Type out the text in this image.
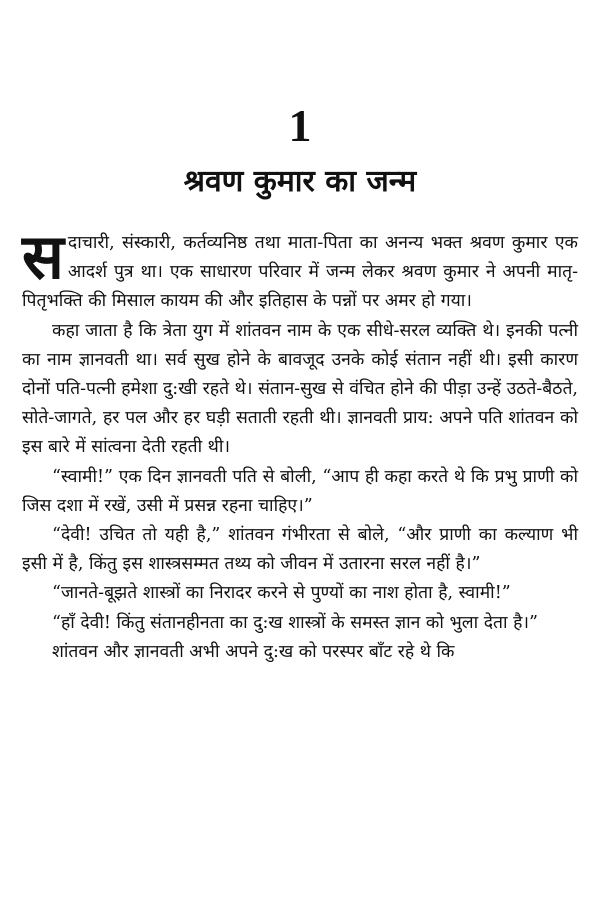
1
श्रवण कुमार का जन्म

सदाचारी, संस्कारी, कर्तव्यनिष्ठ तथा माता-पिता का अनन्य भक्त श्रवण कुमार एक आदर्श पुत्र था। एक साधारण परिवार में जन्म लेकर श्रवण कुमार ने अपनी मातृ-पितृभक्ति की मिसाल कायम की और इतिहास के पन्नों पर अमर हो गया।

कहा जाता है कि त्रेता युग में शांतवन नाम के एक सीधे-सरल व्यक्ति थे। इनकी पत्नी का नाम ज्ञानवती था। सर्व सुख होने के बावजूद उनके कोई संतान नहीं थी। इसी कारण दोनों पति-पत्नी हमेशा दु:खी रहते थे। संतान-सुख से वंचित होने की पीड़ा उन्हें उठते-बैठते, सोते-जागते, हर पल और हर घड़ी सताती रहती थी। ज्ञानवती प्राय: अपने पति शांतवन को इस बारे में सांत्वना देती रहती थी।

“स्वामी!” एक दिन ज्ञानवती पति से बोली, “आप ही कहा करते थे कि प्रभु प्राणी को जिस दशा में रखें, उसी में प्रसन्न रहना चाहिए।”

“देवी! उचित तो यही है,” शांतवन गंभीरता से बोले, “और प्राणी का कल्याण भी इसी में है, किंतु इस शास्त्रसम्मत तथ्य को जीवन में उतारना सरल नहीं है।”

“जानते-बूझते शास्त्रों का निरादर करने से पुण्यों का नाश होता है, स्वामी!”

“हाँ देवी! किंतु संतानहीनता का दु:ख शास्त्रों के समस्त ज्ञान को भुला देता है।”

शांतवन और ज्ञानवती अभी अपने दु:ख को परस्पर बाँट रहे थे कि
